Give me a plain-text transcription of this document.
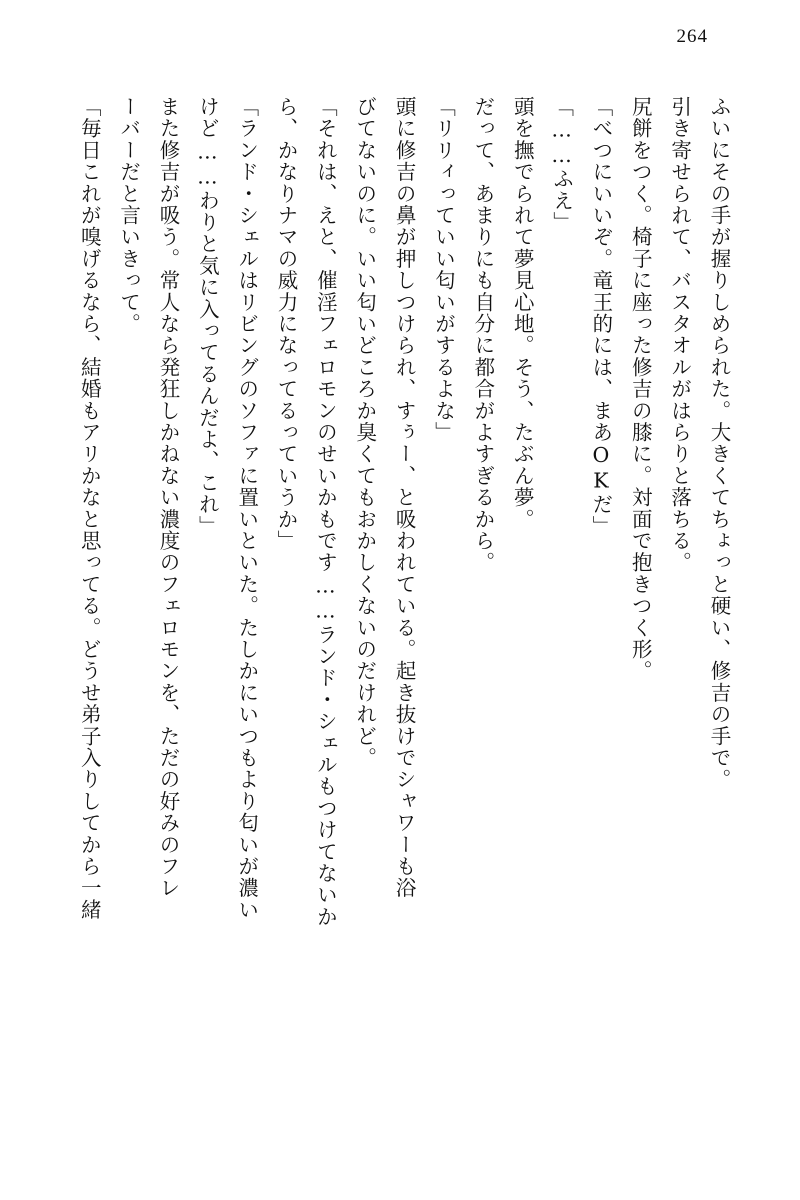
264

ふいにその手が握りしめられた。大きくてちょっと硬い、修吉の手で。

引き寄せられて、バスタオルがはらりと落ちる。

尻餅をつく。椅子に座った修吉の膝に。対面で抱きつく形。

「べつにいいぞ。竜王的には、まあOKだ」

「……ふえ」

頭を撫でられて夢見心地。そう、たぶん夢。

だって、あまりにも自分に都合がよすぎるから。

「リリィっていい匂いがするよな」

頭に修吉の鼻が押しつけられ、すぅー、と吸われている。起き抜けでシャワーも浴

びてないのに。いい匂いどころか臭くてもおかしくないのだけれど。

「それは、えと、催淫フェロモンのせいかもです……ランド・シェルもつけてないか

ら、かなりナマの威力になってるっていうか」

「ランド・シェルはリビングのソファに置いといた。たしかにいつもより匂いが濃い

けど……わりと気に入ってるんだよ、これ」

また修吉が吸う。常人なら発狂しかねない濃度のフェロモンを、ただの好みのフレ

ーバーだと言いきって。

「毎日これが嗅げるなら、結婚もアリかなと思ってる。どうせ弟子入りしてから一緒
